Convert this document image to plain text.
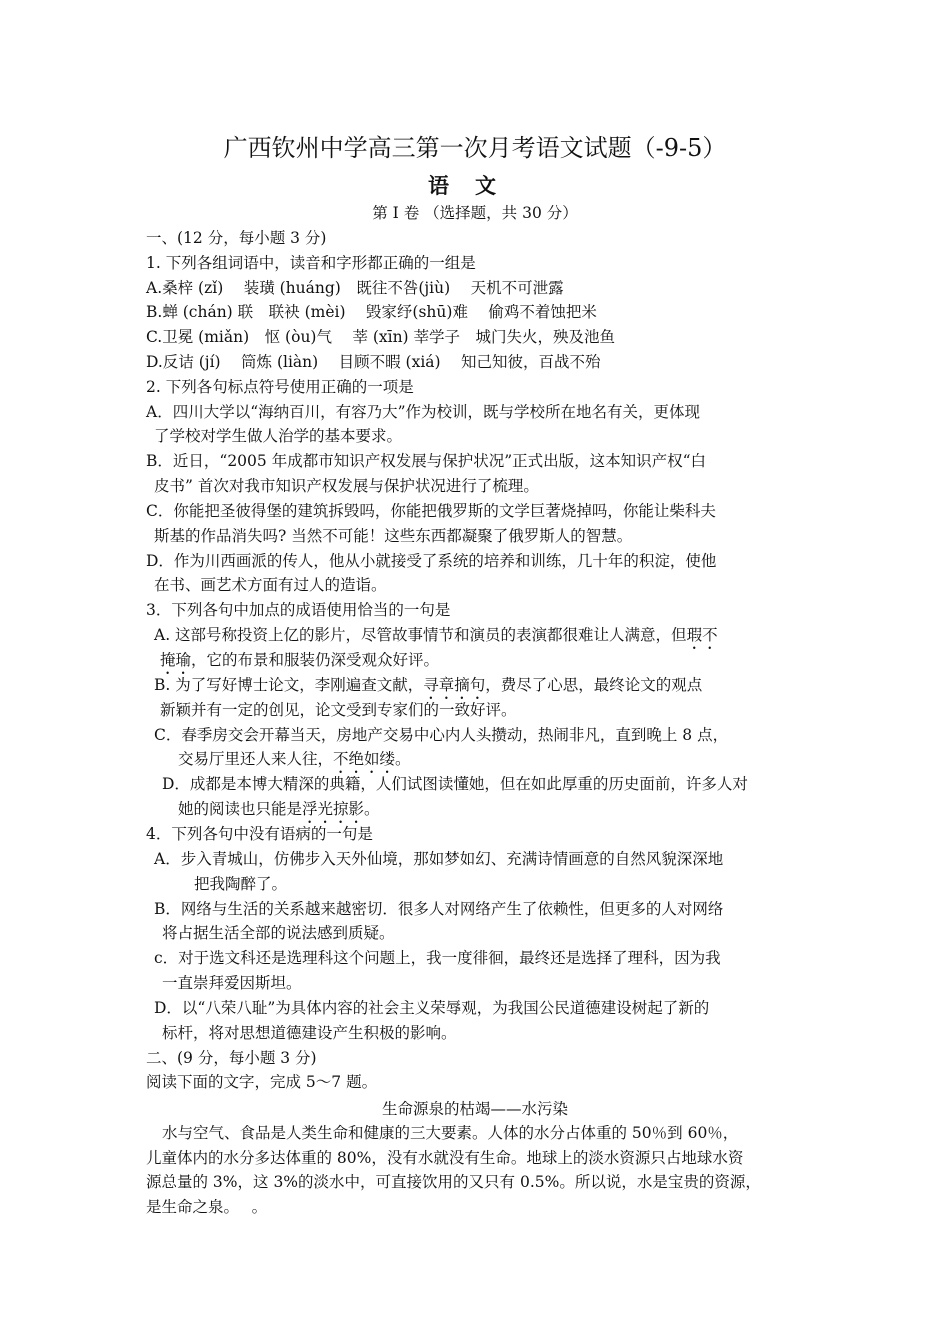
广西钦州中学高三第一次月考语文试题（-9-5）
语文
第 I 卷 （选择题，共 30 分）
一、(12 分，每小题 3 分)
1. 下列各组词语中，读音和字形都正确的一组是
A.桑梓 (zǐ)　 装璜 (huáng)　既往不咎(jiù)　 天机不可泄露
B.蝉 (chán) 联　联袂 (mèi)　 毁家纾(shū)难　 偷鸡不着蚀把米
C.卫冕 (miǎn)　怄 (òu)气　 莘 (xīn) 莘学子　城门失火，殃及池鱼
D.反诘 (jí)　 筒炼 (liàn)　 目顾不暇 (xiá)　 知己知彼，百战不殆
2. 下列各句标点符号使用正确的一项是
A．四川大学以“海纳百川，有容乃大”作为校训，既与学校所在地名有关，更体现
了学校对学生做人治学的基本要求。
B．近日，“2005 年成都市知识产权发展与保护状况”正式出版，这本知识产权“白
皮书” 首次对我市知识产权发展与保护状况进行了梳理。
C．你能把圣彼得堡的建筑拆毁吗，你能把俄罗斯的文学巨著烧掉吗，你能让柴科夫
斯基的作品消失吗? 当然不可能！这些东西都凝聚了俄罗斯人的智慧。
D．作为川西画派的传人，他从小就接受了系统的培养和训练，几十年的积淀，使他
在书、画艺术方面有过人的造诣。
3．下列各句中加点的成语使用恰当的一句是
A. 这部号称投资上亿的影片，尽管故事情节和演员的表演都很难让人满意，但瑕不
掩瑜，它的布景和服装仍深受观众好评。
B. 为了写好博士论文，李刚遍查文献，寻章摘句，费尽了心思，最终论文的观点
新颖并有一定的创见，论文受到专家们的一致好评。
C．春季房交会开幕当天，房地产交易中心内人头攒动，热闹非凡，直到晚上 8 点，
交易厅里还人来人往，不绝如缕。
D．成都是本博大精深的典籍，人们试图读懂她，但在如此厚重的历史面前，许多人对
她的阅读也只能是浮光掠影。
4．下列各句中没有语病的一句是
A．步入青城山，仿佛步入天外仙境，那如梦如幻、充满诗情画意的自然风貌深深地
把我陶醉了。
B．网络与生活的关系越来越密切．很多人对网络产生了依赖性，但更多的人对网络
将占据生活全部的说法感到质疑。
c．对于选文科还是选理科这个问题上，我一度徘徊，最终还是选择了理科，因为我
一直崇拜爱因斯坦。
D．以“八荣八耻”为具体内容的社会主义荣辱观，为我国公民道德建设树起了新的
标杆，将对思想道德建设产生积极的影响。
二、(9 分，每小题 3 分)
阅读下面的文字，完成 5～7 题。
生命源泉的枯竭——水污染
水与空气、食品是人类生命和健康的三大要素。人体的水分占体重的 50％到 60％，
儿童体内的水分多达体重的 80%，没有水就没有生命。地球上的淡水资源只占地球水资
源总量的 3%，这 3%的淡水中，可直接饮用的又只有 0.5%。所以说，水是宝贵的资源，
是生命之泉。　 。
